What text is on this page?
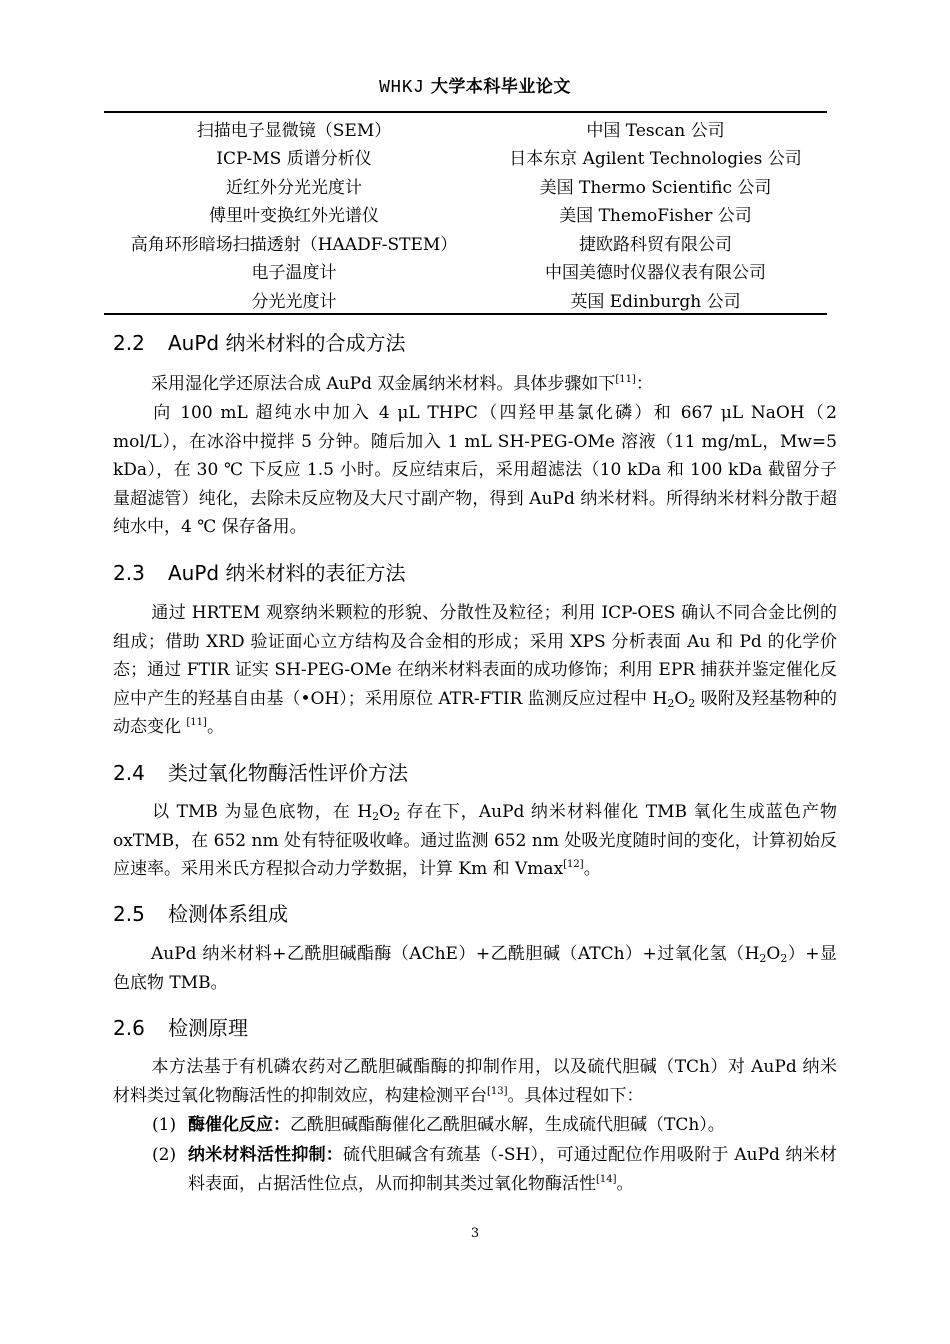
WHKJ 大学本科毕业论文
扫描电子显微镜（SEM）	中国 Tescan 公司
ICP-MS 质谱分析仪	日本东京 Agilent Technologies 公司
近红外分光光度计	美国 Thermo Scientific 公司
傅里叶变换红外光谱仪	美国 ThemoFisher 公司
高角环形暗场扫描透射（HAADF-STEM）	捷欧路科贸有限公司
电子温度计	中国美德时仪器仪表有限公司
分光光度计	英国 Edinburgh 公司
2.2 AuPd 纳米材料的合成方法
采用湿化学还原法合成 AuPd 双金属纳米材料。具体步骤如下[11]：
向 100 mL 超纯水中加入 4 μL THPC（四羟甲基氯化磷）和 667 μL NaOH（2 mol/L），在冰浴中搅拌 5 分钟。随后加入 1 mL SH-PEG-OMe 溶液（11 mg/mL，Mw=5 kDa），在 30 ℃ 下反应 1.5 小时。反应结束后，采用超滤法（10 kDa 和 100 kDa 截留分子量超滤管）纯化，去除未反应物及大尺寸副产物，得到 AuPd 纳米材料。所得纳米材料分散于超纯水中，4 ℃ 保存备用。
2.3 AuPd 纳米材料的表征方法
通过 HRTEM 观察纳米颗粒的形貌、分散性及粒径；利用 ICP-OES 确认不同合金比例的组成；借助 XRD 验证面心立方结构及合金相的形成；采用 XPS 分析表面 Au 和 Pd 的化学价态；通过 FTIR 证实 SH-PEG-OMe 在纳米材料表面的成功修饰；利用 EPR 捕获并鉴定催化反应中产生的羟基自由基（•OH）；采用原位 ATR-FTIR 监测反应过程中 $H_2O_2$ 吸附及羟基物种的动态变化 [11]。
2.4 类过氧化物酶活性评价方法
以 TMB 为显色底物，在 $H_2O_2$ 存在下，AuPd 纳米材料催化 TMB 氧化生成蓝色产物 oxTMB，在 652 nm 处有特征吸收峰。通过监测 652 nm 处吸光度随时间的变化，计算初始反应速率。采用米氏方程拟合动力学数据，计算 Km 和 Vmax[12]。
2.5 检测体系组成
AuPd 纳米材料+乙酰胆碱酯酶（AChE）+乙酰胆碱（ATCh）+过氧化氢$(H_2O_2)+$显色底物 TMB。
2.6 检测原理
本方法基于有机磷农药对乙酰胆碱酯酶的抑制作用，以及硫代胆碱（TCh）对 AuPd 纳米材料类过氧化物酶活性的抑制效应，构建检测平台[13]。具体过程如下：
(1) 酶催化反应：乙酰胆碱酯酶催化乙酰胆碱水解，生成硫代胆碱（TCh）。
(2) 纳米材料活性抑制：硫代胆碱含有巯基（-SH），可通过配位作用吸附于 AuPd 纳米材料表面，占据活性位点，从而抑制其类过氧化物酶活性[14]。
3
